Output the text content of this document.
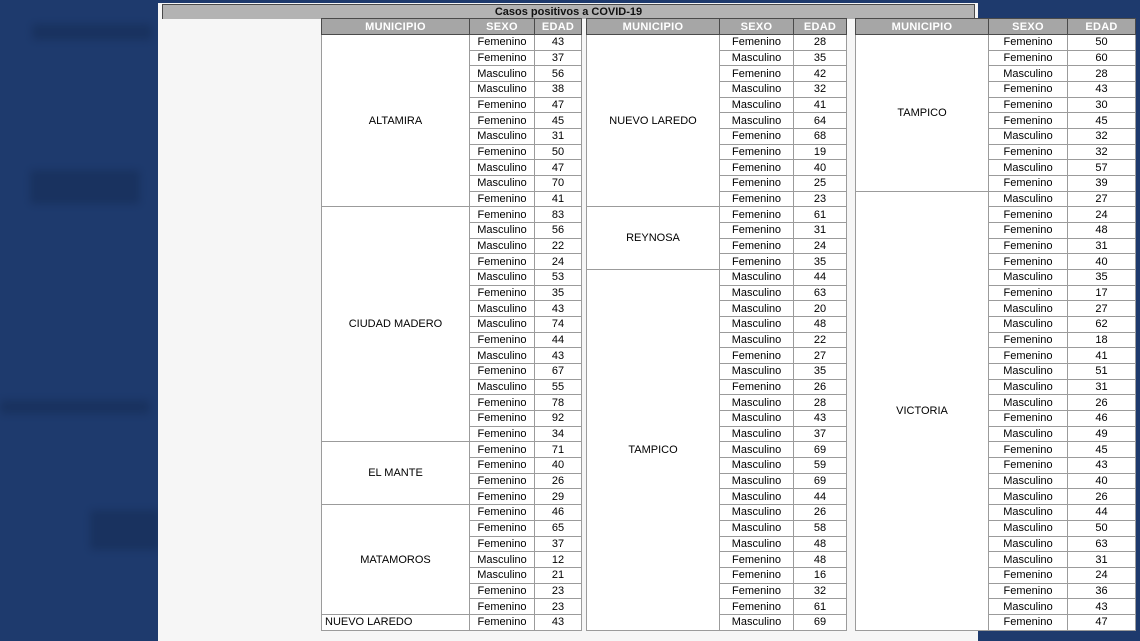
Casos positivos a COVID-19
MUNICIPIO	SEXO	EDAD
ALTAMIRA	Femenino	43
	Femenino	37
	Masculino	56
	Masculino	38
	Femenino	47
	Femenino	45
	Masculino	31
	Femenino	50
	Masculino	47
	Masculino	70
	Femenino	41
CIUDAD MADERO	Femenino	83
	Masculino	56
	Masculino	22
	Femenino	24
	Masculino	53
	Femenino	35
	Masculino	43
	Masculino	74
	Femenino	44
	Masculino	43
	Femenino	67
	Masculino	55
	Femenino	78
	Femenino	92
	Femenino	34
EL MANTE	Femenino	71
	Femenino	40
	Femenino	26
	Femenino	29
MATAMOROS	Femenino	46
	Femenino	65
	Femenino	37
	Masculino	12
	Masculino	21
	Femenino	23
	Femenino	23
NUEVO LAREDO	Femenino	43
MUNICIPIO	SEXO	EDAD
NUEVO LAREDO	Femenino	28
	Masculino	35
	Femenino	42
	Masculino	32
	Masculino	41
	Masculino	64
	Femenino	68
	Femenino	19
	Femenino	40
	Femenino	25
	Femenino	23
REYNOSA	Femenino	61
	Femenino	31
	Femenino	24
	Femenino	35
TAMPICO	Masculino	44
	Masculino	63
	Masculino	20
	Masculino	48
	Masculino	22
	Femenino	27
	Masculino	35
	Femenino	26
	Masculino	28
	Masculino	43
	Masculino	37
	Masculino	69
	Masculino	59
	Masculino	69
	Masculino	44
	Masculino	26
	Masculino	58
	Masculino	48
	Femenino	48
	Femenino	16
	Femenino	32
	Femenino	61
	Masculino	69
MUNICIPIO	SEXO	EDAD
TAMPICO	Femenino	50
	Femenino	60
	Masculino	28
	Femenino	43
	Femenino	30
	Femenino	45
	Masculino	32
	Femenino	32
	Masculino	57
	Femenino	39
VICTORIA	Masculino	27
	Femenino	24
	Femenino	48
	Femenino	31
	Femenino	40
	Masculino	35
	Femenino	17
	Masculino	27
	Masculino	62
	Femenino	18
	Femenino	41
	Masculino	51
	Masculino	31
	Masculino	26
	Femenino	46
	Masculino	49
	Femenino	45
	Femenino	43
	Masculino	40
	Masculino	26
	Masculino	44
	Masculino	50
	Masculino	63
	Masculino	31
	Femenino	24
	Femenino	36
	Masculino	43
	Femenino	47
